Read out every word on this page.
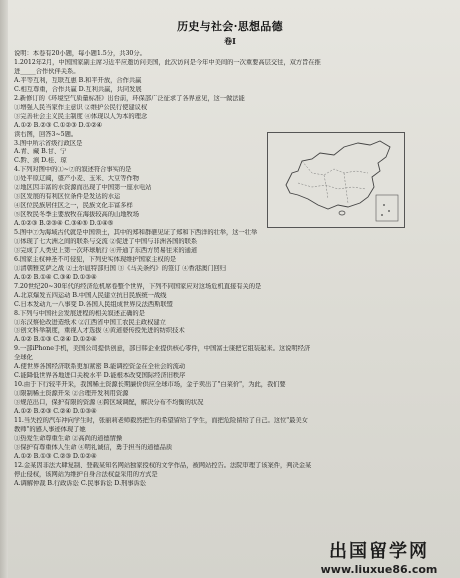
历史与社会·思想品德
卷Ⅰ
说明：本卷有20小题，每小题1.5分，共30分。
1.2012年2月，中国国家副主席习近平应邀访问美国，此次访问是今年中美间的一次重要高层交往，双方旨在推
进_____合作伙伴关系。
A.平等互利，互联互惠 B.和平开放，合作共赢
C.相互尊重，合作共赢 D.互利共赢，共同发展
2.新修订的《环境空气质量标准》出台前，环保部广泛征求了各界意见，这一做法能
①增强人民当家作主意识 ②维护公民行使建议权
③完善社会主义民主制度 ④体现以人为本的理念
A.①② B.②③ C.①②③ D.①②④
读右图，回答3~5题。
3.图中所示省级行政区是
A.青、藏 B.甘、宁
C.黔、滇 D.桂、琼
4.下列对图中的①~⑦的叙述符合事实的是
①处平原辽阔，盛产小麦、玉米、大豆等作物
②地区因丰富的水资源而出现了中国第一座水电站
③区发展的有利区位条件是发达的水运
④区位民族居住区之一，民族文化丰富多样
⑤区牧民冬季主要放牧在海拔较高的山地牧场
A.①②③ B.②③④ C.③④⑤ D.①④⑤
5.图中⑦为海域古代就是中国领土，其中的郑和群礁见证了郑和下西洋的壮举，这一壮举
①体现了七大洲之间的联系与交流 ②促进了中国与非洲各国的联系
③完成了人类史上第一次环球航行 ④开通了东西方贸易往来的通道
6.国家主权神圣不可侵犯，下列史实体现维护国家主权的是
①清朝雅克萨之战 ②土尔扈特部归国 ③《马关条约》的签订 ④香港澳门回归
A.①② B.①④ C.③④ D.①③④
7.20世纪20~30年代的经济危机席卷整个世界，下列不同国家应对这场危机直接有关的是
A.北京爆发五四运动 B.中国人民建立抗日民族统一战线
C.日本发动九一八事变 D.各国人民组成世界反法西斯联盟
8.下列与中国社会发展进程的相关叙述正确的是
①东汉蔡伦改进造纸术 ②江西省中国工农民主政权建立
③创文科举制度，重视人才选拔 ④黄道婆传授先进的纺织技术
A.①② B.①③ C.②④ D.①②④
9.一部iPhone手机，美国公司提供创意，部日韩企业提供核心零件，中国富士康把它组装起来。这说明经济
全球化
A.使世界各国经济联系更加紧密 B.能调控资金在全社会的流动
C.能降低世界各地进口关税水平 D.能根本改变国际经济旧秩序
10.由于下行较平开采，我国稀土资源长期廉价供应全球市场，金子卖出了"白菜价"，为此，我们要
①限制稀土资源开采 ②合理开发利用资源
③规范出口，保护有限的资源 ④跨区域调配，解决分布不均衡的状况
A.①② B.②③ C.②④ D.①③④
11.当失控的汽车冲向学生时，张丽莉老师毅然把生的希望留给了学生，而把危险留给了自己。这位"最美女
教师"的感人事迹体现了她
①热爱生命尊重生命 ②高尚的道德情操
③保护有尊重体人生命 ④明礼诚信，勇于担当的道德品质
A.①② B.①③ C.②③ D.①②④
12.金某因非法大肆复制、登载某知名网站独家授权的文学作品，被网站控告。法院审理了该案件，判决金某
停止侵权，该网站为维护自身合法权益采用的方式是
A.调解仲裁 B.行政诉讼 C.民事诉讼 D.刑事诉讼
出国留学网
www.liuxue86.com
